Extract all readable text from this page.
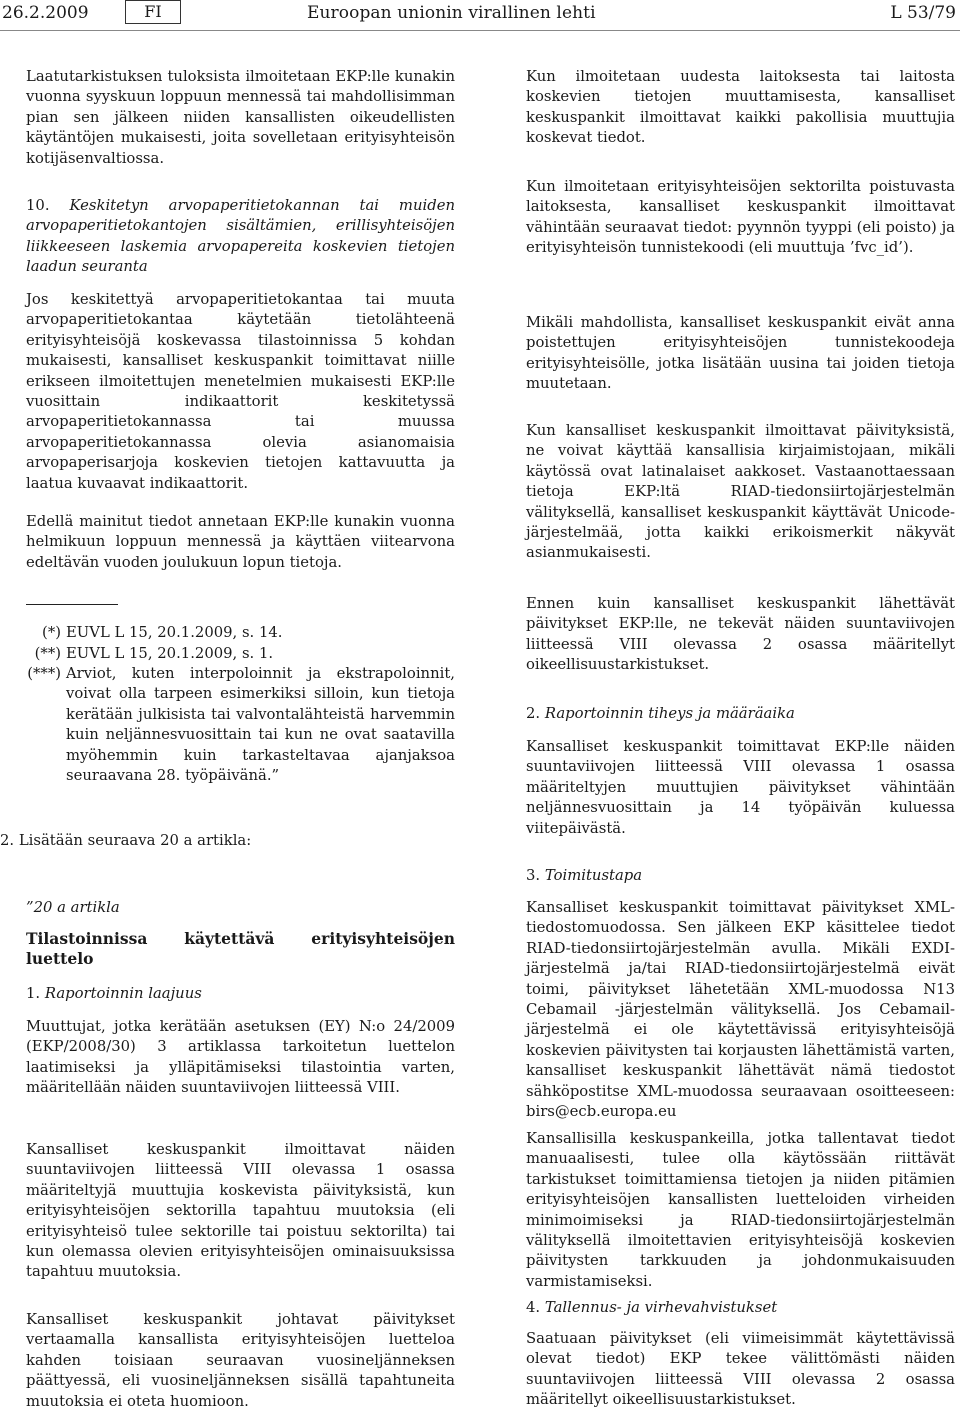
26.2.2009	FI	Euroopan unionin virallinen lehti	L 53/79

Laatutarkistuksen tuloksista ilmoitetaan EKP:lle kunakin vuonna syyskuun loppuun mennessä tai mahdollisimman pian sen jälkeen niiden kansallisten oikeudellisten käytäntöjen mukaisesti, joita sovelletaan erityisyhteisön kotijäsenvaltiossa.

10. Keskitetyn arvopaperitietokannan tai muiden arvopaperitietokantojen sisältämien, erillisyhteisöjen liikkeeseen laskemia arvopapereita koskevien tietojen laadun seuranta

Jos keskitettyä arvopaperitietokantaa tai muuta arvopaperitietokantaa käytetään tietolähteenä erityisyhteisöjä koskevassa tilastoinnissa 5 kohdan mukaisesti, kansalliset keskuspankit toimittavat niille erikseen ilmoitettujen menetelmien mukaisesti EKP:lle vuosittain indikaattorit keskitetyssä arvopaperitietokannassa tai muussa arvopaperitietokannassa olevia asianomaisia arvopaperisarjoja koskevien tietojen kattavuutta ja laatua kuvaavat indikaattorit.

Edellä mainitut tiedot annetaan EKP:lle kunakin vuonna helmikuun loppuun mennessä ja käyttäen viitearvona edeltävän vuoden joulukuun lopun tietoja.

(*) EUVL L 15, 20.1.2009, s. 14.
(**) EUVL L 15, 20.1.2009, s. 1.
(***) Arviot, kuten interpoloinnit ja ekstrapoloinnit, voivat olla tarpeen esimerkiksi silloin, kun tietoja kerätään julkisista tai valvontalähteistä harvemmin kuin neljännesvuosittain tai kun ne ovat saatavilla myöhemmin kuin tarkasteltavaa ajanjaksoa seuraavana 28. työpäivänä.”

2. Lisätään seuraava 20 a artikla:

”20 a artikla

Tilastoinnissa käytettävä erityisyhteisöjen luettelo

1. Raportoinnin laajuus

Muuttujat, jotka kerätään asetuksen (EY) N:o 24/2009 (EKP/2008/30) 3 artiklassa tarkoitetun luettelon laatimiseksi ja ylläpitämiseksi tilastointia varten, määritellään näiden suuntaviivojen liitteessä VIII.

Kansalliset keskuspankit ilmoittavat näiden suuntaviivojen liitteessä VIII olevassa 1 osassa määriteltyjä muuttujia koskevista päivityksistä, kun erityisyhteisöjen sektorilla tapahtuu muutoksia (eli erityisyhteisö tulee sektorille tai poistuu sektorilta) tai kun olemassa olevien erityisyhteisöjen ominaisuuksissa tapahtuu muutoksia.

Kansalliset keskuspankit johtavat päivitykset vertaamalla kansallista erityisyhteisöjen luetteloa kahden toisiaan seuraavan vuosineljänneksen päättyessä, eli vuosineljänneksen sisällä tapahtuneita muutoksia ei oteta huomioon.

Kun ilmoitetaan uudesta laitoksesta tai laitosta koskevien tietojen muuttamisesta, kansalliset keskuspankit ilmoittavat kaikki pakollisia muuttujia koskevat tiedot.

Kun ilmoitetaan erityisyhteisöjen sektorilta poistuvasta laitoksesta, kansalliset keskuspankit ilmoittavat vähintään seuraavat tiedot: pyynnön tyyppi (eli poisto) ja erityisyhteisön tunnistekoodi (eli muuttuja ’fvc_id’).

Mikäli mahdollista, kansalliset keskuspankit eivät anna poistettujen erityisyhteisöjen tunnistekoodeja erityisyhteisölle, jotka lisätään uusina tai joiden tietoja muutetaan.

Kun kansalliset keskuspankit ilmoittavat päivityksistä, ne voivat käyttää kansallisia kirjaimistojaan, mikäli käytössä ovat latinalaiset aakkoset. Vastaanottaessaan tietoja EKP:ltä RIAD-tiedonsiirtojärjestelmän välityksellä, kansalliset keskuspankit käyttävät Unicode-järjestelmää, jotta kaikki erikoismerkit näkyvät asianmukaisesti.

Ennen kuin kansalliset keskuspankit lähettävät päivitykset EKP:lle, ne tekevät näiden suuntaviivojen liitteessä VIII olevassa 2 osassa määritellyt oikeellisuustarkistukset.

2. Raportoinnin tiheys ja määräaika

Kansalliset keskuspankit toimittavat EKP:lle näiden suuntaviivojen liitteessä VIII olevassa 1 osassa määriteltyjen muuttujien päivitykset vähintään neljännesvuosittain ja 14 työpäivän kuluessa viitepäivästä.

3. Toimitustapa

Kansalliset keskuspankit toimittavat päivitykset XML-tiedostomuodossa. Sen jälkeen EKP käsittelee tiedot RIAD-tiedonsiirtojärjestelmän avulla. Mikäli EXDI-järjestelmä ja/tai RIAD-tiedonsiirtojärjestelmä eivät toimi, päivitykset lähetetään XML-muodossa N13 Cebamail -järjestelmän välityksellä. Jos Cebamail-järjestelmä ei ole käytettävissä erityisyhteisöjä koskevien päivitysten tai korjausten lähettämistä varten, kansalliset keskuspankit lähettävät nämä tiedostot sähköpostitse XML-muodossa seuraavaan osoitteeseen: birs@ecb.europa.eu

Kansallisilla keskuspankeilla, jotka tallentavat tiedot manuaalisesti, tulee olla käytössään riittävät tarkistukset toimittamiensa tietojen ja niiden pitämien erityisyhteisöjen kansallisten luetteloiden virheiden minimoimiseksi ja RIAD-tiedonsiirtojärjestelmän välityksellä ilmoitettavien erityisyhteisöjä koskevien päivitysten tarkkuuden ja johdonmukaisuuden varmistamiseksi.

4. Tallennus- ja virhevahvistukset

Saatuaan päivitykset (eli viimeisimmät käytettävissä olevat tiedot) EKP tekee välittömästi näiden suuntaviivojen liitteessä VIII olevassa 2 osassa määritellyt oikeellisuustarkistukset.
